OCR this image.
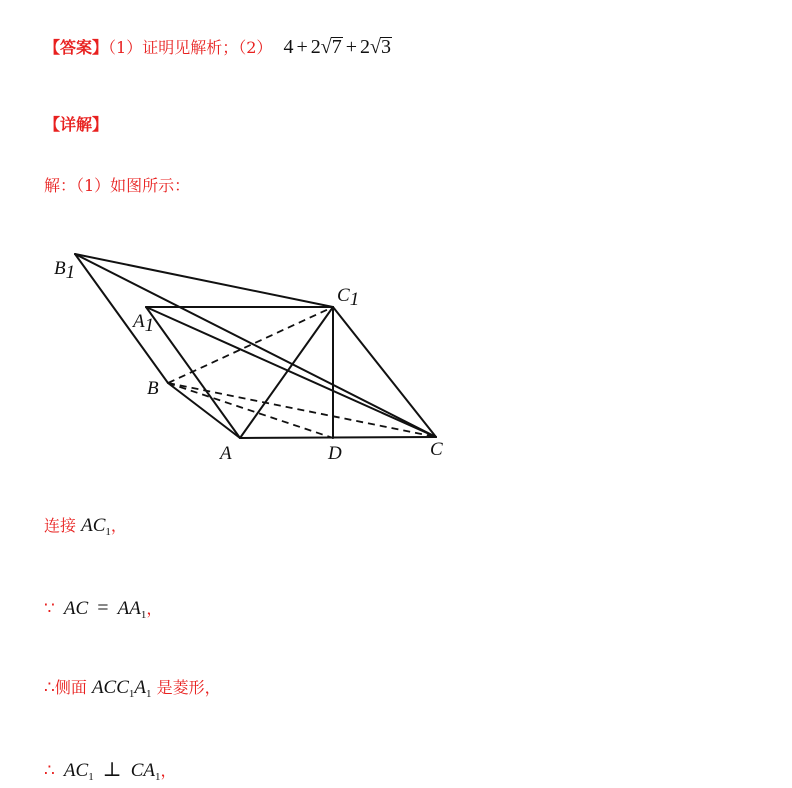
【答案】（1）证明见解析；（2） 4 + 2√7 + 2√3
【详解】
解：（1）如图所示：
B1
A1
C1
B
A	D	C
连接 $AC_1$，
∵ AC = $AA_1$，
∴侧面 $ACC_1A_1$ 是菱形，
∴ $AC_1$ ⊥ $CA_1$，
